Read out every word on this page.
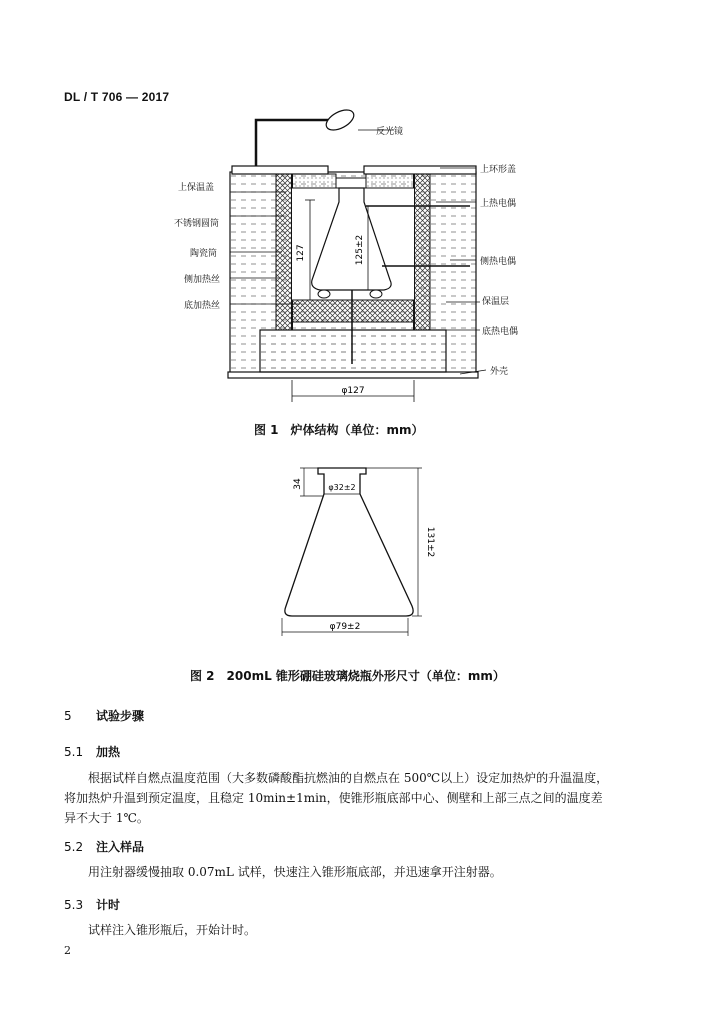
DL / T 706 — 2017
127	125±2
φ127
反光镜
上环形盖
上保温盖
不锈钢圆筒
陶瓷筒
侧加热丝
底加热丝
上热电偶
侧热电偶
保温层
底热电偶
外壳
图 1　炉体结构（单位：mm）
34	φ32±2
131±2
φ79±2
图 2　200mL 锥形硼硅玻璃烧瓶外形尺寸（单位：mm）
5 试验步骤
5.1 加热
根据试样自燃点温度范围（大多数磷酸酯抗燃油的自燃点在 500℃以上）设定加热炉的升温温度，
将加热炉升温到预定温度，且稳定 10min±1min，使锥形瓶底部中心、侧壁和上部三点之间的温度差
异不大于 1℃。
5.2 注入样品
用注射器缓慢抽取 0.07mL 试样，快速注入锥形瓶底部，并迅速拿开注射器。
5.3 计时
试样注入锥形瓶后，开始计时。
2
